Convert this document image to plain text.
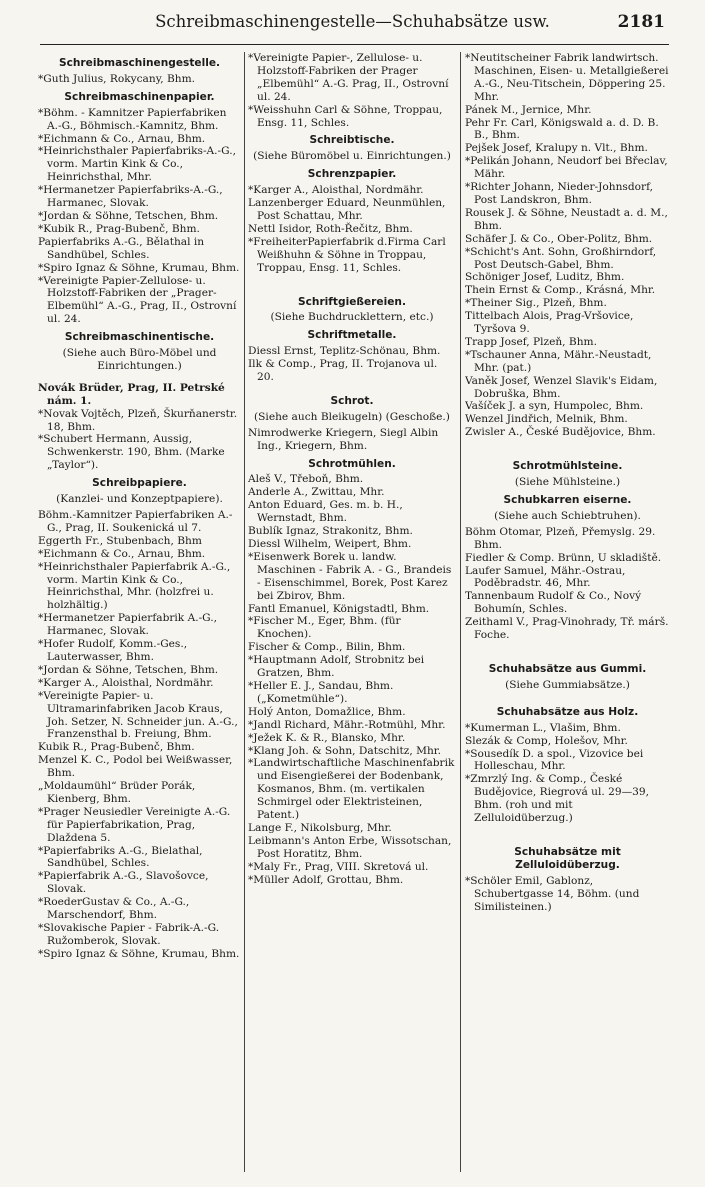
Schreibmaschinengestelle—Schuhabsätze usw.	2181
Schreibmaschinengestelle.
*Guth Julius, Rokycany, Bhm.
Schreibmaschinenpapier.
*Böhm. - Kamnitzer Papierfabriken A.-G., Böhmisch.-Kamnitz, Bhm.
*Eichmann & Co., Arnau, Bhm.
*Heinrichsthaler Papierfabriks-A.-G., vorm. Martin Kink & Co., Heinrichsthal, Mhr.
*Hermanetzer Papierfabriks-A.-G., Harmanec, Slovak.
*Jordan & Söhne, Tetschen, Bhm.
*Kubik R., Prag-Bubenč, Bhm.
Papierfabriks A.-G., Bělathal in Sandhübel, Schles.
*Spiro Ignaz & Söhne, Krumau, Bhm.
*Vereinigte Papier-Zellulose- u. Holzstoff-Fabriken der „Prager-Elbemühl“ A.-G., Prag, II., Ostrovní ul. 24.
Schreibmaschinentische.
(Siehe auch Büro-Möbel und Einrichtungen.)
Novák Brüder, Prag, II. Petrské nám. 1.
*Novak Vojtěch, Plzeň, Škurňanerstr. 18, Bhm.
*Schubert Hermann, Aussig, Schwenkerstr. 190, Bhm. (Marke „Taylor“).
Schreibpapiere.
(Kanzlei- und Konzeptpapiere).
Böhm.-Kamnitzer Papierfabriken A.-G., Prag, II. Soukenická ul 7.
Eggerth Fr., Stubenbach, Bhm
*Eichmann & Co., Arnau, Bhm.
*Heinrichsthaler Papierfabrik A.-G., vorm. Martin Kink & Co., Heinrichsthal, Mhr. (holzfrei u. holzhältig.)
*Hermanetzer Papierfabrik A.-G., Harmanec, Slovak.
*Hofer Rudolf, Komm.-Ges., Lauterwasser, Bhm.
*Jordan & Söhne, Tetschen, Bhm.
*Karger A., Aloisthal, Nordmähr.
*Vereinigte Papier- u. Ultramarinfabriken Jacob Kraus, Joh. Setzer, N. Schneider jun. A.-G., Franzensthal b. Freiung, Bhm.
Kubik R., Prag-Bubenč, Bhm.
Menzel K. C., Podol bei Weißwasser, Bhm.
„Moldaumühl“ Brüder Porák, Kienberg, Bhm.
*Prager Neusiedler Vereinigte A.-G. für Papierfabrikation, Prag, Dlaždena 5.
*Papierfabriks A.-G., Bielathal, Sandhübel, Schles.
*Papierfabrik A.-G., Slavošovce, Slovak.
*RoederGustav & Co., A.-G., Marschendorf, Bhm.
*Slovakische Papier - Fabrik-A.-G. Ružomberok, Slovak.
*Spiro Ignaz & Söhne, Krumau, Bhm.
*Vereinigte Papier-, Zellulose- u. Holzstoff-Fabriken der Prager „Elbemühl“ A.-G. Prag, II., Ostrovní ul. 24.
*Weisshuhn Carl & Söhne, Troppau, Ensg. 11, Schles.
Schreibtische.
(Siehe Büromöbel u. Einrichtungen.)
Schrenzpapier.
*Karger A., Aloisthal, Nordmähr.
Lanzenberger Eduard, Neunmühlen, Post Schattau, Mhr.
Nettl Isidor, Roth-Řečitz, Bhm.
*FreiheiterPapierfabrik d.Firma Carl Weißhuhn & Söhne in Troppau, Troppau, Ensg. 11, Schles.
Schriftgießereien.
(Siehe Buchdrucklettern, etc.)
Schriftmetalle.
Diessl Ernst, Teplitz-Schönau, Bhm.
Ilk & Comp., Prag, II. Trojanova ul. 20.
Schrot.
(Siehe auch Bleikugeln) (Geschoße.)
Nimrodwerke Kriegern, Siegl Albin Ing., Kriegern, Bhm.
Schrotmühlen.
Aleš V., Třeboň, Bhm.
Anderle A., Zwittau, Mhr.
Anton Eduard, Ges. m. b. H., Wernstadt, Bhm.
Bublík Ignaz, Strakonitz, Bhm.
Diessl Wilhelm, Weipert, Bhm.
*Eisenwerk Borek u. landw. Maschinen - Fabrik A. - G., Brandeis - Eisenschimmel, Borek, Post Karez bei Zbirov, Bhm.
Fantl Emanuel, Königstadtl, Bhm.
*Fischer M., Eger, Bhm. (für Knochen).
Fischer & Comp., Bilin, Bhm.
*Hauptmann Adolf, Strobnitz bei Gratzen, Bhm.
*Heller E. J., Sandau, Bhm. („Kometmühle“).
Holý Anton, Domažlice, Bhm.
*Jandl Richard, Mähr.-Rotmühl, Mhr.
*Ježek K. & R., Blansko, Mhr.
*Klang Joh. & Sohn, Datschitz, Mhr.
*Landwirtschaftliche Maschinenfabrik und Eisengießerei der Bodenbank, Kosmanos, Bhm. (m. vertikalen Schmirgel oder Elektristeinen, Patent.)
Lange F., Nikolsburg, Mhr.
Leibmann's Anton Erbe, Wissotschan, Post Horatitz, Bhm.
*Maly Fr., Prag, VIII. Skretová ul.
*Müller Adolf, Grottau, Bhm.
*Neutitscheiner Fabrik landwirtsch. Maschinen, Eisen- u. Metallgießerei A.-G., Neu-Titschein, Döppering 25. Mhr.
Pánek M., Jernice, Mhr.
Pehr Fr. Carl, Königswald a. d. D. B. B., Bhm.
Pejšek Josef, Kralupy n. Vlt., Bhm.
*Pelikán Johann, Neudorf bei Břeclav, Mähr.
*Richter Johann, Nieder-Johnsdorf, Post Landskron, Bhm.
Rousek J. & Söhne, Neustadt a. d. M., Bhm.
Schäfer J. & Co., Ober-Politz, Bhm.
*Schicht's Ant. Sohn, Großhirndorf, Post Deutsch-Gabel, Bhm.
Schöniger Josef, Luditz, Bhm.
Thein Ernst & Comp., Krásná, Mhr.
*Theiner Sig., Plzeň, Bhm.
Tittelbach Alois, Prag-Vršovice, Tyršova 9.
Trapp Josef, Plzeň, Bhm.
*Tschauner Anna, Mähr.-Neustadt, Mhr. (pat.)
Vaněk Josef, Wenzel Slavik's Eidam, Dobruška, Bhm.
Vašíček J. a syn, Humpolec, Bhm.
Wenzel Jindřich, Melnik, Bhm.
Zwisler A., České Budějovice, Bhm.
Schrotmühlsteine.
(Siehe Mühlsteine.)
Schubkarren eiserne.
(Siehe auch Schiebtruhen).
Böhm Otomar, Plzeň, Přemyslg. 29. Bhm.
Fiedler & Comp. Brünn, U skladiště.
Laufer Samuel, Mähr.-Ostrau, Poděbradstr. 46, Mhr.
Tannenbaum Rudolf & Co., Nový Bohumín, Schles.
Zeithaml V., Prag-Vinohrady, Tř. márš. Foche.
Schuhabsätze aus Gummi.
(Siehe Gummiabsätze.)
Schuhabsätze aus Holz.
*Kumerman L., Vlašim, Bhm.
Slezák & Comp, Holešov, Mhr.
*Sousedík D. a spol., Vizovice bei Holleschau, Mhr.
*Zmrzlý Ing. & Comp., České Budějovice, Riegrová ul. 29—39, Bhm. (roh und mit Zelluloidüberzug.)
Schuhabsätze mit Zelluloidüberzug.
*Schöler Emil, Gablonz, Schubertgasse 14, Böhm. (und Similisteinen.)
